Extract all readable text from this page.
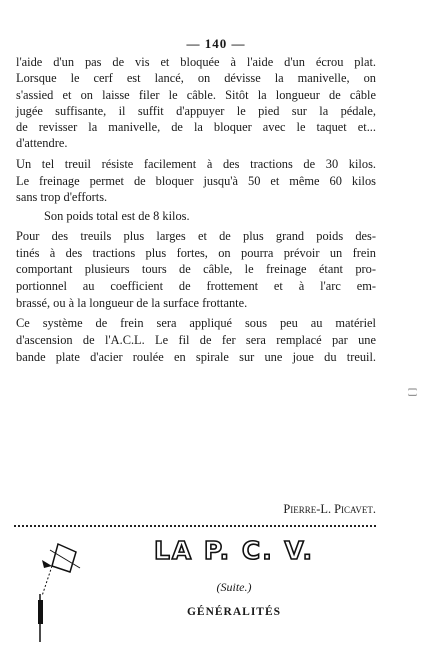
— 140 —
l'aide d'un pas de vis et bloquée à l'aide d'un écrou plat.
Lorsque le cerf est lancé, on dévisse la manivelle, on
s'assied et on laisse filer le câble. Sitôt la longueur de câble
jugée suffisante, il suffit d'appuyer le pied sur la pédale,
de revisser la manivelle, de la bloquer avec le taquet et...
d'attendre.
Un tel treuil résiste facilement à des tractions de 30 kilos.
Le freinage permet de bloquer jusqu'à 50 et même 60 kilos
sans trop d'efforts.
Son poids total est de 8 kilos.
Pour des treuils plus larges et de plus grand poids des-
tinés à des tractions plus fortes, on pourra prévoir un frein
comportant plusieurs tours de câble, le freinage étant pro-
portionnel au coefficient de frottement et à l'arc em-
brassé, ou à la longueur de la surface frottante.
Ce système de frein sera appliqué sous peu au matériel
d'ascension de l'A.C.L. Le fil de fer sera remplacé par une
bande plate d'acier roulée en spirale sur une joue du treuil.
Pierre-L. Picavet.
LA P. C. V.
(Suite.)
[ ]
GÉNÉRALITÉS
